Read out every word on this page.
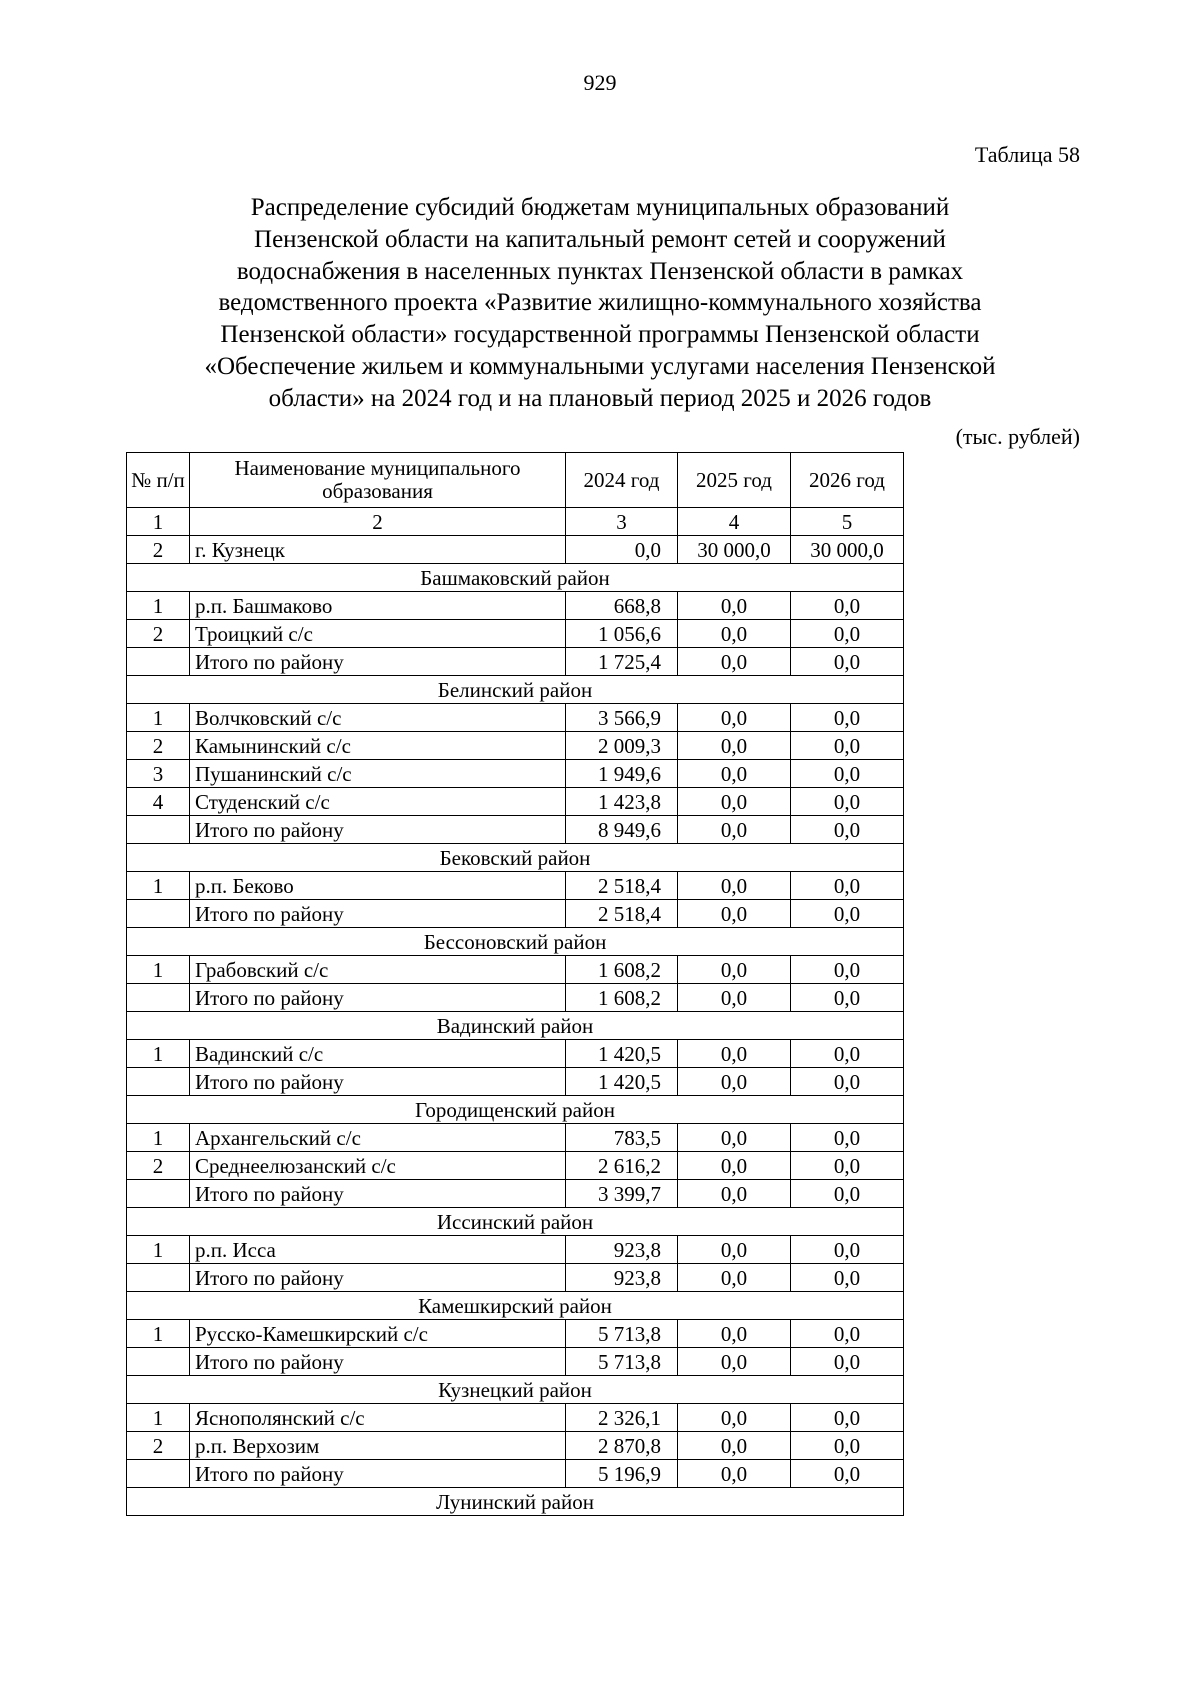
929
Таблица 58
Распределение субсидий бюджетам муниципальных образований
Пензенской области на капитальный ремонт сетей и сооружений
водоснабжения в населенных пунктах Пензенской области в рамках
ведомственного проекта «Развитие жилищно-коммунального хозяйства
Пензенской области» государственной программы Пензенской области
«Обеспечение жильем и коммунальными услугами населения Пензенской
области» на 2024 год и на плановый период 2025 и 2026 годов
(тыс. рублей)
№ п/п	Наименование муниципального образования	2024 год	2025 год	2026 год
1	2	3	4	5
2	г. Кузнецк	0,0	30 000,0	30 000,0
Башмаковский район				
1	р.п. Башмаково	668,8	0,0	0,0
2	Троицкий с/с	1 056,6	0,0	0,0
	Итого по району	1 725,4	0,0	0,0
Белинский район				
1	Волчковский с/с	3 566,9	0,0	0,0
2	Камынинский с/с	2 009,3	0,0	0,0
3	Пушанинский с/с	1 949,6	0,0	0,0
4	Студенский с/с	1 423,8	0,0	0,0
	Итого по району	8 949,6	0,0	0,0
Бековский район				
1	р.п. Беково	2 518,4	0,0	0,0
	Итого по району	2 518,4	0,0	0,0
Бессоновский район				
1	Грабовский с/с	1 608,2	0,0	0,0
	Итого по району	1 608,2	0,0	0,0
Вадинский район				
1	Вадинский с/с	1 420,5	0,0	0,0
	Итого по району	1 420,5	0,0	0,0
Городищенский район				
1	Архангельский с/с	783,5	0,0	0,0
2	Среднеелюзанский с/с	2 616,2	0,0	0,0
	Итого по району	3 399,7	0,0	0,0
Иссинский район				
1	р.п. Исса	923,8	0,0	0,0
	Итого по району	923,8	0,0	0,0
Камешкирский район				
1	Русско-Камешкирский с/с	5 713,8	0,0	0,0
	Итого по району	5 713,8	0,0	0,0
Кузнецкий район				
1	Яснополянский с/с	2 326,1	0,0	0,0
2	р.п. Верхозим	2 870,8	0,0	0,0
	Итого по району	5 196,9	0,0	0,0
Лунинский район				
